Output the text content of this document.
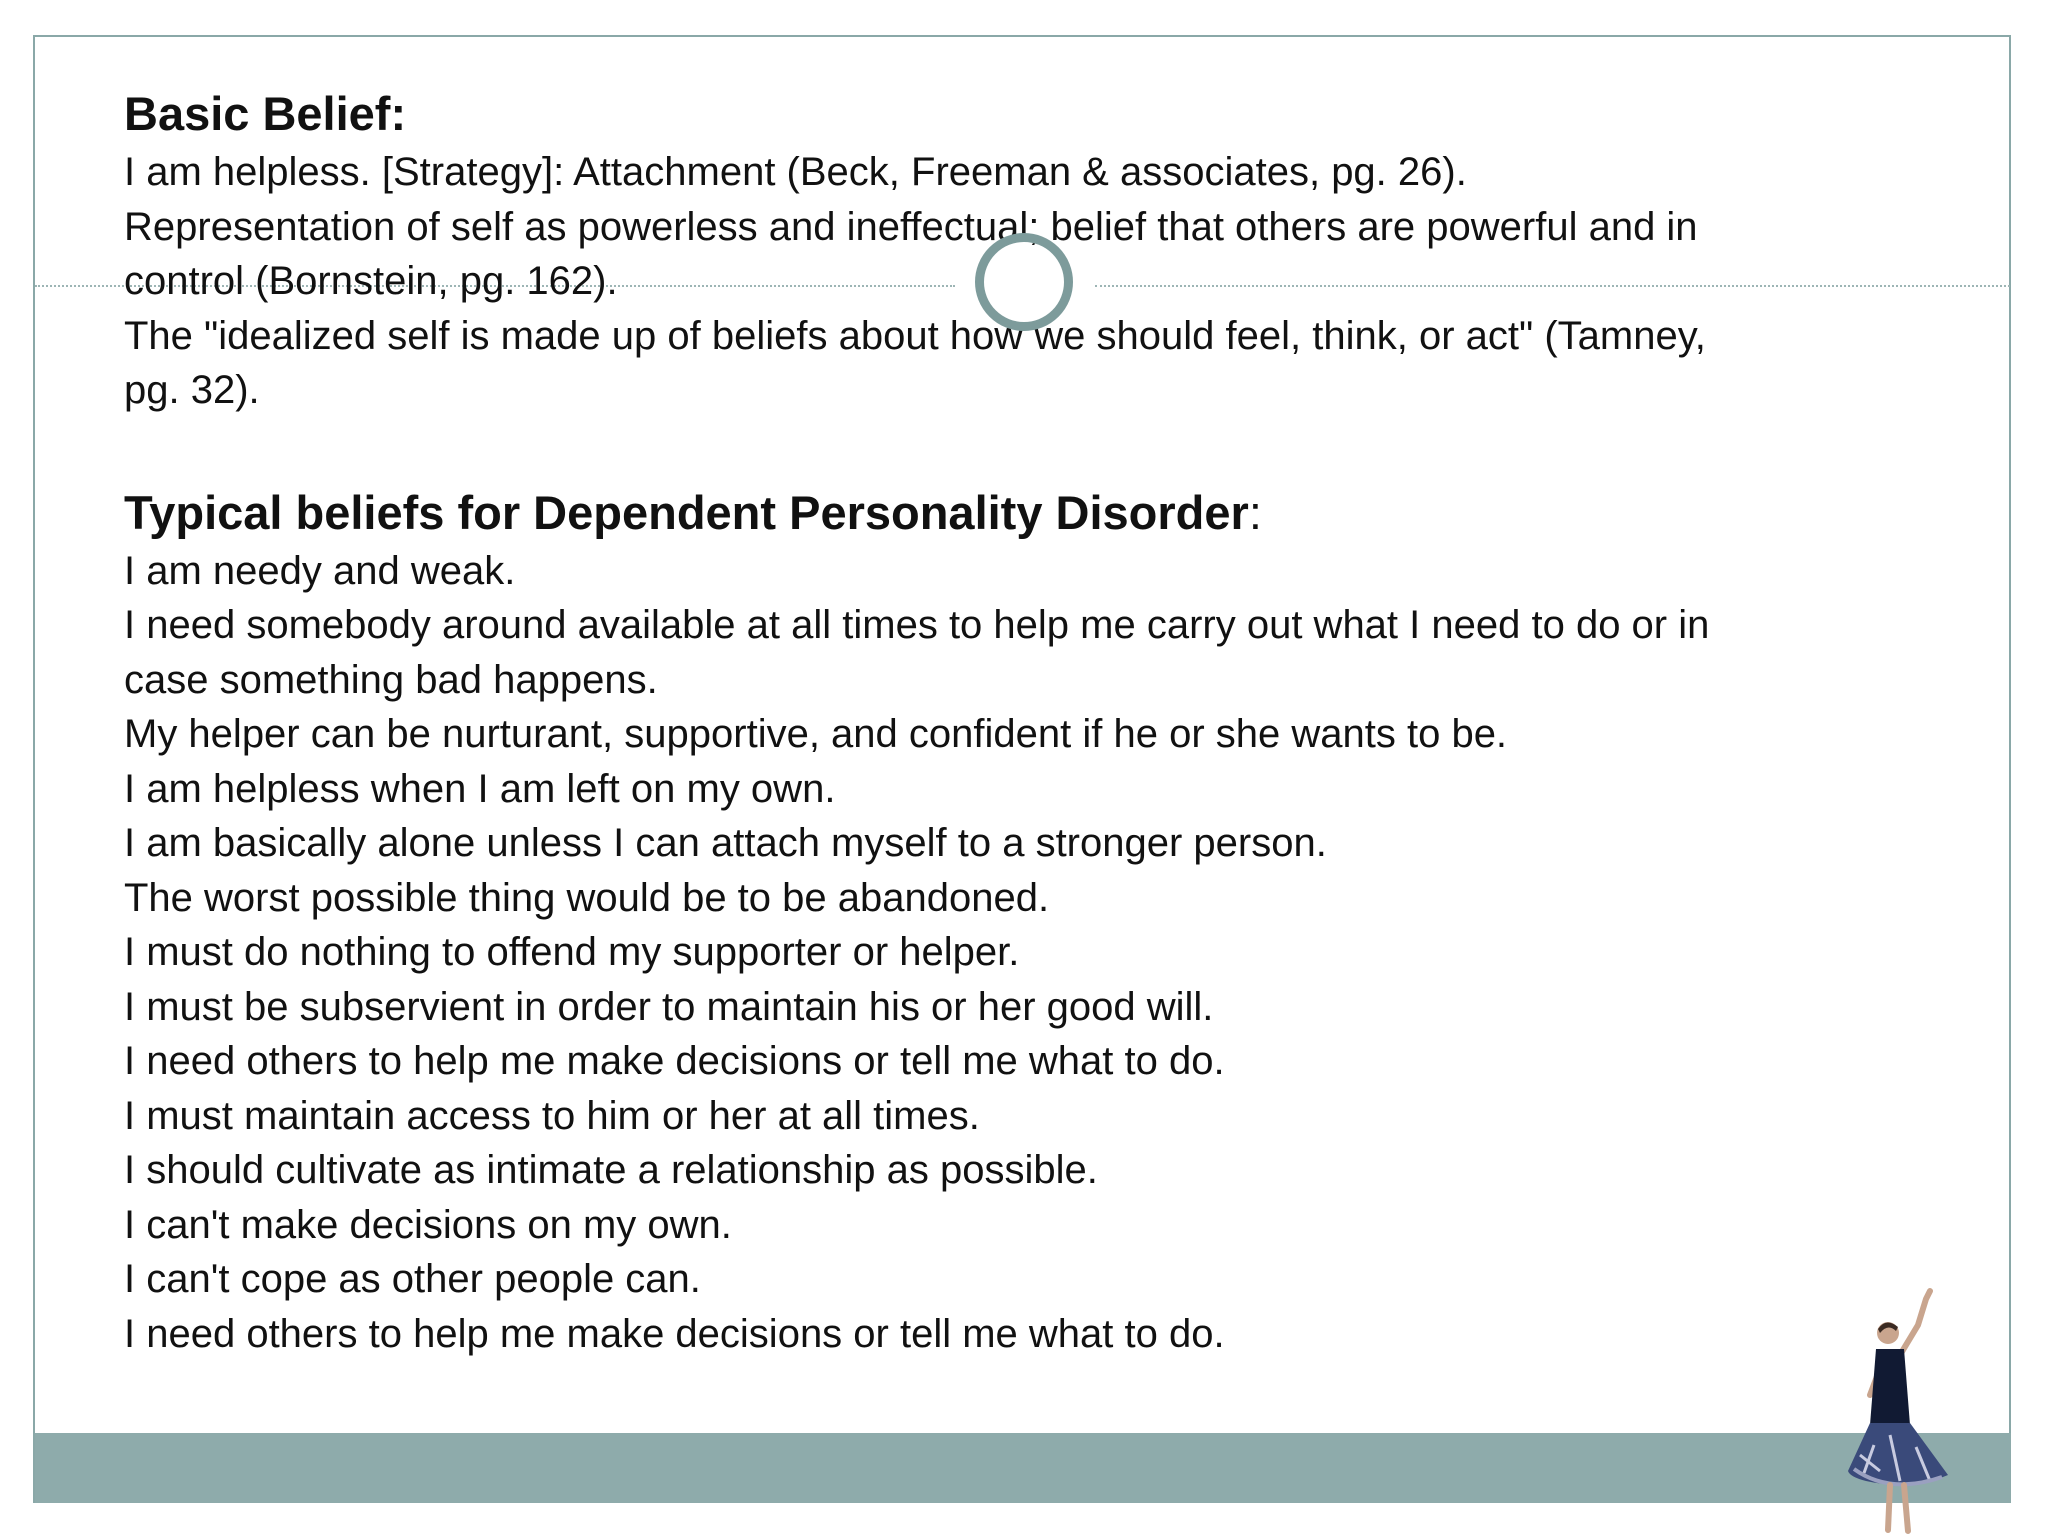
Basic Belief:

I am helpless. [Strategy]: Attachment (Beck, Freeman & associates, pg. 26).

Representation of self as powerless and ineffectual; belief that others are powerful and in

control (Bornstein, pg. 162).

The "idealized self is made up of beliefs about how we should feel, think, or act" (Tamney,

pg. 32).

Typical beliefs for Dependent Personality Disorder:

I am needy and weak.

I need somebody around available at all times to help me carry out what I need to do or in

case something bad happens.

My helper can be nurturant, supportive, and confident if he or she wants to be.

I am helpless when I am left on my own.

I am basically alone unless I can attach myself to a stronger person.

The worst possible thing would be to be abandoned.

I must do nothing to offend my supporter or helper.

I must be subservient in order to maintain his or her good will.

I need others to help me make decisions or tell me what to do.

I must maintain access to him or her at all times.

I should cultivate as intimate a relationship as possible.

I can't make decisions on my own.

I can't cope as other people can.

I need others to help me make decisions or tell me what to do.
